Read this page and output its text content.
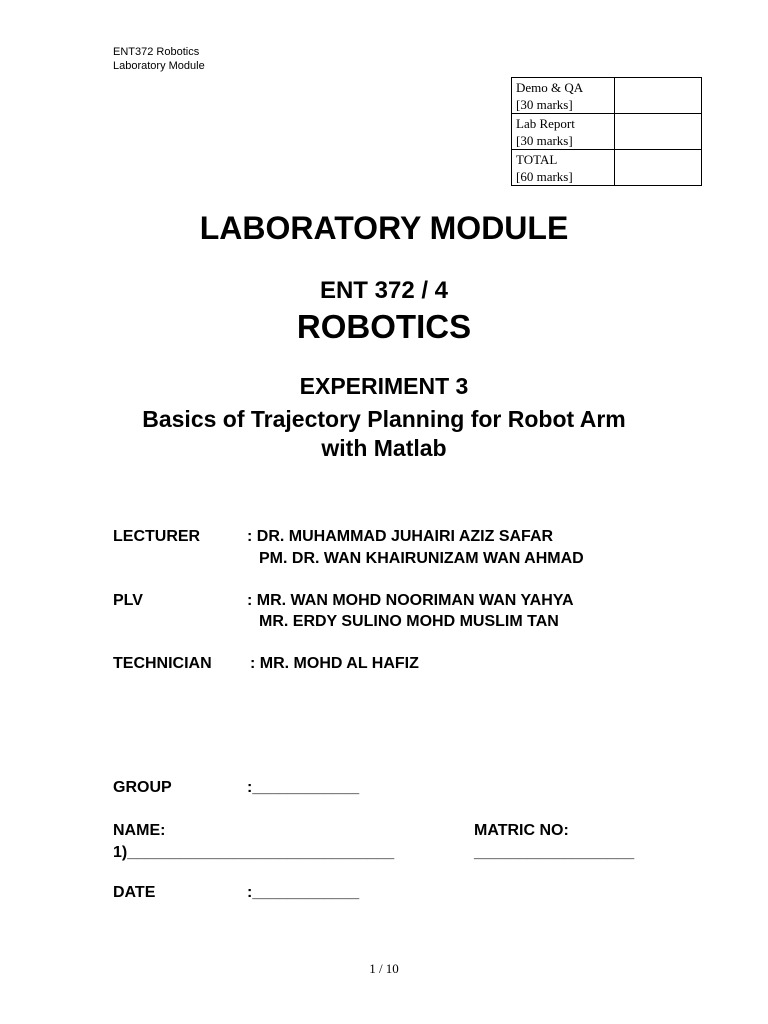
ENT372 Robotics
Laboratory Module
Demo & QA
[30 marks]	

Lab Report
[30 marks]	

TOTAL
[60 marks]	

LABORATORY MODULE
ENT 372 / 4
ROBOTICS
EXPERIMENT 3
Basics of Trajectory Planning for Robot Arm
with Matlab
LECTURER	: DR. MUHAMMAD JUHAIRI AZIZ SAFAR
PM. DR. WAN KHAIRUNIZAM WAN AHMAD
PLV	: MR. WAN MOHD NOORIMAN WAN YAHYA
MR. ERDY SULINO MOHD MUSLIM TAN
TECHNICIAN : MR. MOHD AL HAFIZ
GROUP	:____________
NAME:	MATRIC NO:
1)______________________________	__________________
DATE	:____________
1 / 10
